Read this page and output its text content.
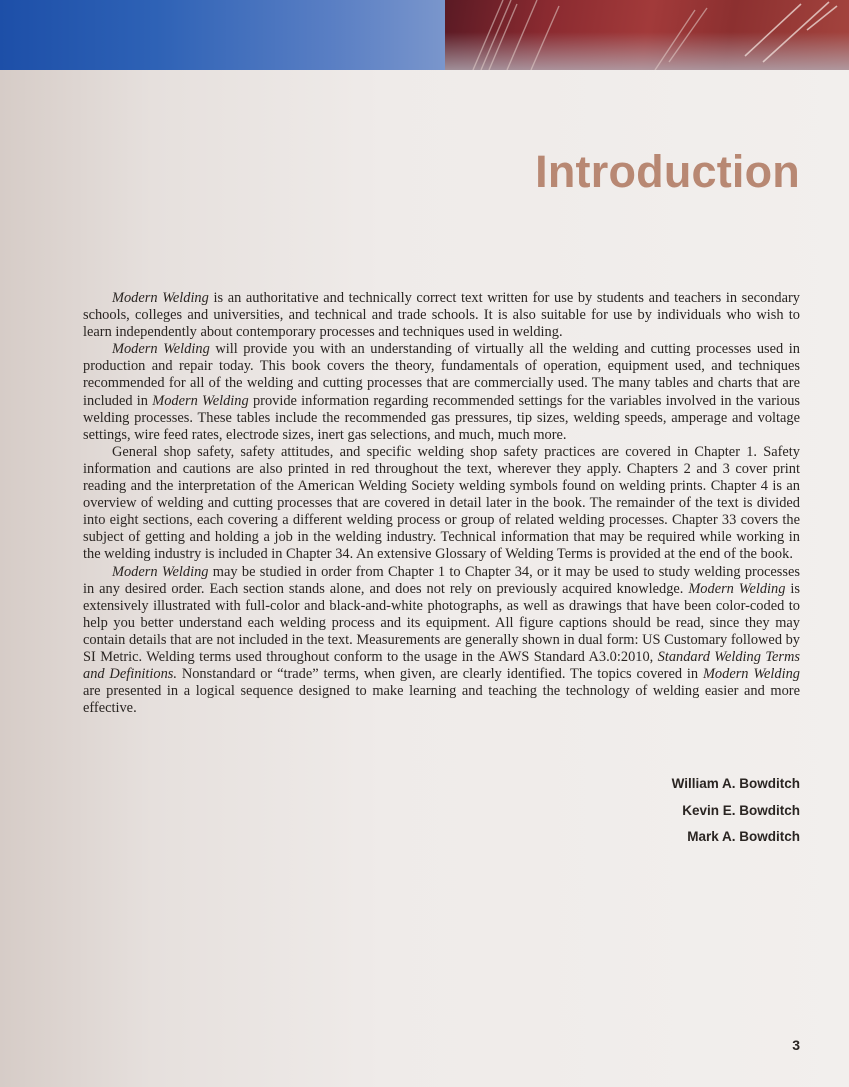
Introduction

Modern Welding is an authoritative and technically correct text written for use by students and teachers in secondary schools, colleges and universities, and technical and trade schools. It is also suitable for use by individuals who wish to learn independently about contemporary processes and techniques used in welding.

Modern Welding will provide you with an understanding of virtually all the welding and cutting processes used in production and repair today. This book covers the theory, fundamentals of operation, equipment used, and techniques recommended for all of the welding and cutting processes that are commercially used. The many tables and charts that are included in Modern Welding provide information regarding recommended settings for the variables involved in the various welding processes. These tables include the recommended gas pressures, tip sizes, welding speeds, amperage and voltage settings, wire feed rates, electrode sizes, inert gas selections, and much, much more.

General shop safety, safety attitudes, and specific welding shop safety practices are covered in Chapter 1. Safety information and cautions are also printed in red throughout the text, wherever they apply. Chapters 2 and 3 cover print reading and the interpretation of the American Welding Society welding symbols found on welding prints. Chapter 4 is an overview of welding and cutting processes that are covered in detail later in the book. The remainder of the text is divided into eight sections, each covering a different welding process or group of related welding processes. Chapter 33 covers the subject of getting and holding a job in the welding industry. Technical information that may be required while working in the welding industry is included in Chapter 34. An extensive Glossary of Welding Terms is provided at the end of the book.

Modern Welding may be studied in order from Chapter 1 to Chapter 34, or it may be used to study welding processes in any desired order. Each section stands alone, and does not rely on previously acquired knowledge. Modern Welding is extensively illustrated with full-color and black-and-white photographs, as well as drawings that have been color-coded to help you better understand each welding process and its equipment. All figure captions should be read, since they may contain details that are not included in the text. Measurements are generally shown in dual form: US Customary followed by SI Metric. Welding terms used throughout conform to the usage in the AWS Standard A3.0:2010, Standard Welding Terms and Definitions. Nonstandard or “trade” terms, when given, are clearly identified. The topics covered in Modern Welding are presented in a logical sequence designed to make learning and teaching the technology of welding easier and more effective.

William A. Bowditch
Kevin E. Bowditch
Mark A. Bowditch
3
